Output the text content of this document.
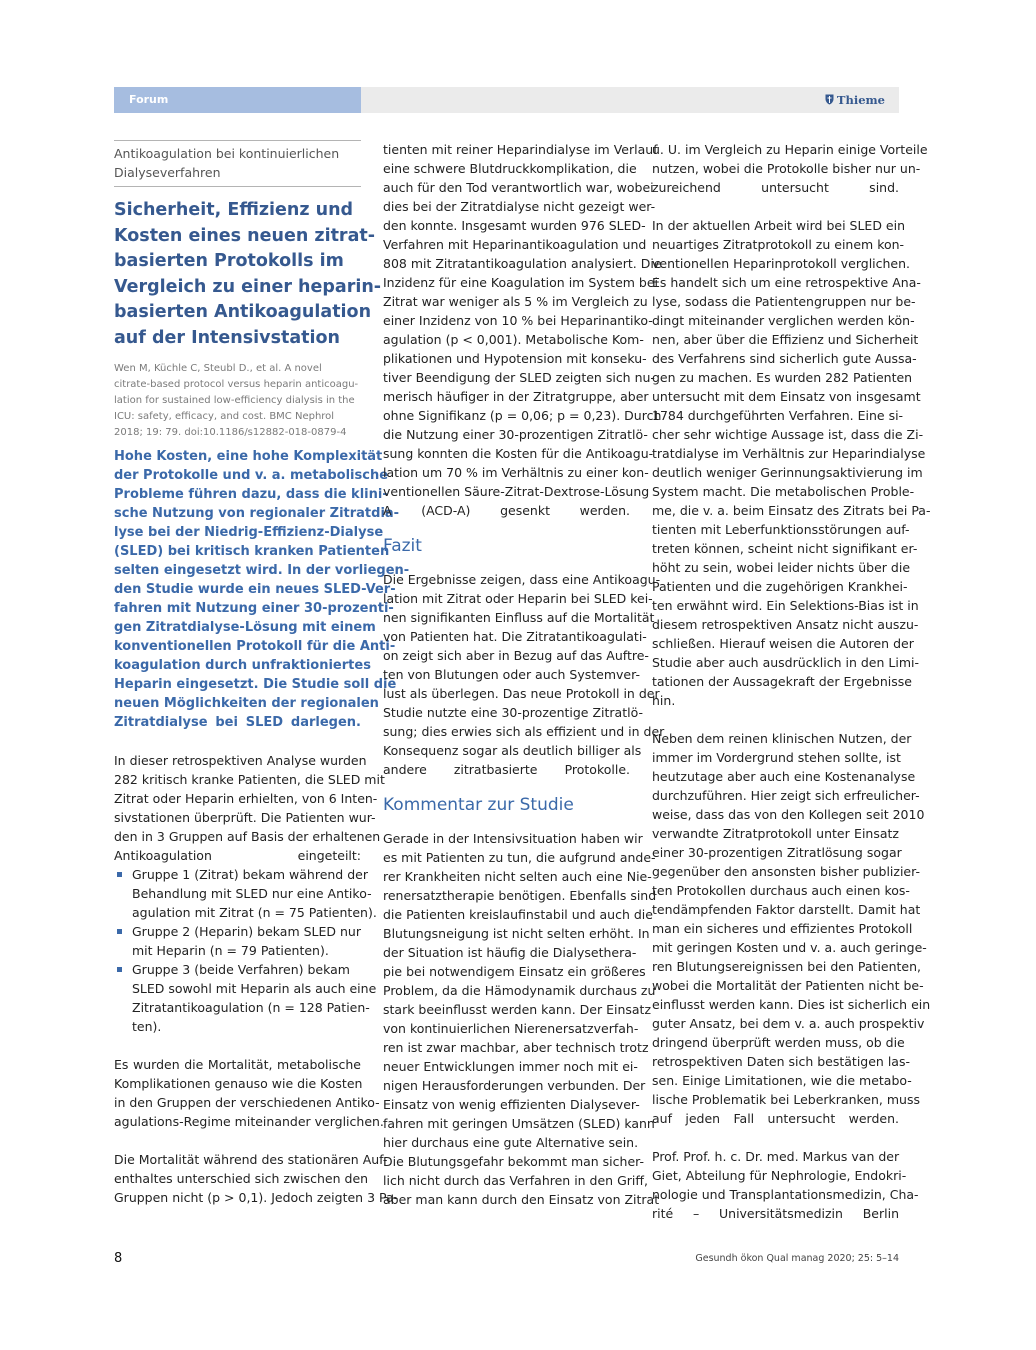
Forum	Thieme
Antikoagulation bei kontinuierlichen
Dialyseverfahren
Sicherheit, Effizienz und
Kosten eines neuen zitrat-
basierten Protokolls im
Vergleich zu einer heparin-
basierten Antikoagulation
auf der Intensivstation
Wen M, Küchle C, Steubl D., et al. A novel
citrate-based protocol versus heparin anticoagu-
lation for sustained low-efficiency dialysis in the
ICU: safety, efficacy, and cost. BMC Nephrol
2018; 19: 79. doi:10.1186/s12882-018-0879-4
Hohe Kosten, eine hohe Komplexität
der Protokolle und v. a. metabolische
Probleme führen dazu, dass die klini-
sche Nutzung von regionaler Zitratdia-
lyse bei der Niedrig-Effizienz-Dialyse
(SLED) bei kritisch kranken Patienten
selten eingesetzt wird. In der vorliegen-
den Studie wurde ein neues SLED-Ver-
fahren mit Nutzung einer 30-prozenti-
gen Zitratdialyse-Lösung mit einem
konventionellen Protokoll für die Anti-
koagulation durch unfraktioniertes
Heparin eingesetzt. Die Studie soll die
neuen Möglichkeiten der regionalen
Zitratdialyse bei SLED darlegen.
In dieser retrospektiven Analyse wurden
282 kritisch kranke Patienten, die SLED mit
Zitrat oder Heparin erhielten, von 6 Inten-
sivstationen überprüft. Die Patienten wur-
den in 3 Gruppen auf Basis der erhaltenen
Antikoagulation eingeteilt:
Gruppe 1 (Zitrat) bekam während der
Behandlung mit SLED nur eine Antiko-
agulation mit Zitrat (n = 75 Patienten).
Gruppe 2 (Heparin) bekam SLED nur
mit Heparin (n = 79 Patienten).
Gruppe 3 (beide Verfahren) bekam
SLED sowohl mit Heparin als auch eine
Zitratantikoagulation (n = 128 Patien-
ten).
Es wurden die Mortalität, metabolische
Komplikationen genauso wie die Kosten
in den Gruppen der verschiedenen Antiko-
agulations-Regime miteinander verglichen.
Die Mortalität während des stationären Auf-
enthaltes unterschied sich zwischen den
Gruppen nicht (p > 0,1). Jedoch zeigten 3 Pa-
tienten mit reiner Heparindialyse im Verlauf
eine schwere Blutdruckkomplikation, die
auch für den Tod verantwortlich war, wobei
dies bei der Zitratdialyse nicht gezeigt wer-
den konnte. Insgesamt wurden 976 SLED-
Verfahren mit Heparinantikoagulation und
808 mit Zitratantikoagulation analysiert. Die
Inzidenz für eine Koagulation im System bei
Zitrat war weniger als 5 % im Vergleich zu
einer Inzidenz von 10 % bei Heparinantiko-
agulation (p < 0,001). Metabolische Kom-
plikationen und Hypotension mit konseku-
tiver Beendigung der SLED zeigten sich nu-
merisch häufiger in der Zitratgruppe, aber
ohne Signifikanz (p = 0,06; p = 0,23). Durch
die Nutzung einer 30-prozentigen Zitratlö-
sung konnten die Kosten für die Antikoagu-
lation um 70 % im Verhältnis zu einer kon-
ventionellen Säure-Zitrat-Dextrose-Lösung
A (ACD-A) gesenkt werden.
Fazit
Die Ergebnisse zeigen, dass eine Antikoagu-
lation mit Zitrat oder Heparin bei SLED kei-
nen signifikanten Einfluss auf die Mortalität
von Patienten hat. Die Zitratantikoagulati-
on zeigt sich aber in Bezug auf das Auftre-
ten von Blutungen oder auch Systemver-
lust als überlegen. Das neue Protokoll in der
Studie nutzte eine 30-prozentige Zitratlö-
sung; dies erwies sich als effizient und in der
Konsequenz sogar als deutlich billiger als
andere zitratbasierte Protokolle.
Kommentar zur Studie
Gerade in der Intensivsituation haben wir
es mit Patienten zu tun, die aufgrund ande-
rer Krankheiten nicht selten auch eine Nie-
renersatztherapie benötigen. Ebenfalls sind
die Patienten kreislaufinstabil und auch die
Blutungsneigung ist nicht selten erhöht. In
der Situation ist häufig die Dialysethera-
pie bei notwendigem Einsatz ein größeres
Problem, da die Hämodynamik durchaus zu
stark beeinflusst werden kann. Der Einsatz
von kontinuierlichen Nierenersatzverfah-
ren ist zwar machbar, aber technisch trotz
neuer Entwicklungen immer noch mit ei-
nigen Herausforderungen verbunden. Der
Einsatz von wenig effizienten Dialysever-
fahren mit geringen Umsätzen (SLED) kann
hier durchaus eine gute Alternative sein.
Die Blutungsgefahr bekommt man sicher-
lich nicht durch das Verfahren in den Griff,
aber man kann durch den Einsatz von Zitrat
u. U. im Vergleich zu Heparin einige Vorteile
nutzen, wobei die Protokolle bisher nur un-
zureichend untersucht sind.
In der aktuellen Arbeit wird bei SLED ein
neuartiges Zitratprotokoll zu einem kon-
ventionellen Heparinprotokoll verglichen.
Es handelt sich um eine retrospektive Ana-
lyse, sodass die Patientengruppen nur be-
dingt miteinander verglichen werden kön-
nen, aber über die Effizienz und Sicherheit
des Verfahrens sind sicherlich gute Aussa-
gen zu machen. Es wurden 282 Patienten
untersucht mit dem Einsatz von insgesamt
1784 durchgeführten Verfahren. Eine si-
cher sehr wichtige Aussage ist, dass die Zi-
tratdialyse im Verhältnis zur Heparindialyse
deutlich weniger Gerinnungsaktivierung im
System macht. Die metabolischen Proble-
me, die v. a. beim Einsatz des Zitrats bei Pa-
tienten mit Leberfunktionsstörungen auf-
treten können, scheint nicht signifikant er-
höht zu sein, wobei leider nichts über die
Patienten und die zugehörigen Krankhei-
ten erwähnt wird. Ein Selektions-Bias ist in
diesem retrospektiven Ansatz nicht auszu-
schließen. Hierauf weisen die Autoren der
Studie aber auch ausdrücklich in den Limi-
tationen der Aussagekraft der Ergebnisse
hin.
Neben dem reinen klinischen Nutzen, der
immer im Vordergrund stehen sollte, ist
heutzutage aber auch eine Kostenanalyse
durchzuführen. Hier zeigt sich erfreulicher-
weise, dass das von den Kollegen seit 2010
verwandte Zitratprotokoll unter Einsatz
einer 30-prozentigen Zitratlösung sogar
gegenüber den ansonsten bisher publizier-
ten Protokollen durchaus auch einen kos-
tendämpfenden Faktor darstellt. Damit hat
man ein sicheres und effizientes Protokoll
mit geringen Kosten und v. a. auch geringe-
ren Blutungsereignissen bei den Patienten,
wobei die Mortalität der Patienten nicht be-
einflusst werden kann. Dies ist sicherlich ein
guter Ansatz, bei dem v. a. auch prospektiv
dringend überprüft werden muss, ob die
retrospektiven Daten sich bestätigen las-
sen. Einige Limitationen, wie die metabo-
lische Problematik bei Leberkranken, muss
auf jeden Fall untersucht werden.
Prof. Prof. h. c. Dr. med. Markus van der
Giet, Abteilung für Nephrologie, Endokri-
nologie und Transplantationsmedizin, Cha-
rité – Universitätsmedizin Berlin
8	Gesundh ökon Qual manag 2020; 25: 5–14
